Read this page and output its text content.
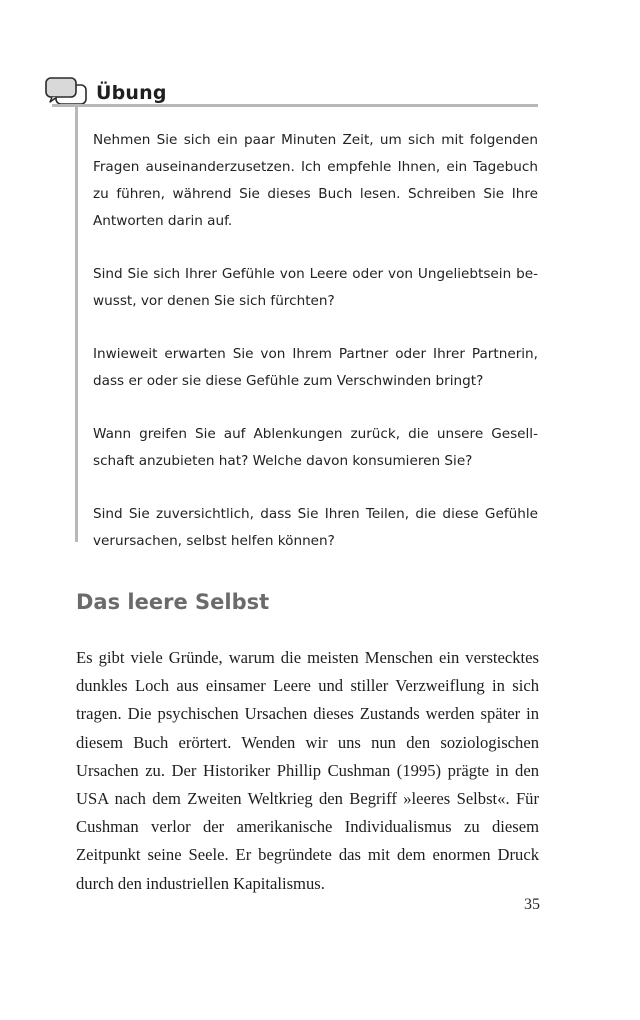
Übung

Nehmen Sie sich ein paar Minuten Zeit, um sich mit folgenden Fragen auseinanderzusetzen. Ich empfehle Ihnen, ein Tagebuch zu führen, während Sie dieses Buch lesen. Schreiben Sie Ihre Antworten darin auf.

Sind Sie sich Ihrer Gefühle von Leere oder von Ungeliebtsein bewusst, vor denen Sie sich fürchten?

Inwieweit erwarten Sie von Ihrem Partner oder Ihrer Partnerin, dass er oder sie diese Gefühle zum Verschwinden bringt?

Wann greifen Sie auf Ablenkungen zurück, die unsere Gesellschaft anzubieten hat? Welche davon konsumieren Sie?

Sind Sie zuversichtlich, dass Sie Ihren Teilen, die diese Gefühle verursachen, selbst helfen können?

Das leere Selbst

Es gibt viele Gründe, warum die meisten Menschen ein verstecktes dunkles Loch aus einsamer Leere und stiller Verzweiflung in sich tragen. Die psychischen Ursachen dieses Zustands werden später in diesem Buch erörtert. Wenden wir uns nun den soziologischen Ursachen zu. Der Historiker Phillip Cushman (1995) prägte in den USA nach dem Zweiten Weltkrieg den Begriff »leeres Selbst«. Für Cushman verlor der amerikanische Individualismus zu diesem Zeitpunkt seine Seele. Er begründete das mit dem enormen Druck durch den industriellen Kapitalismus.

35
